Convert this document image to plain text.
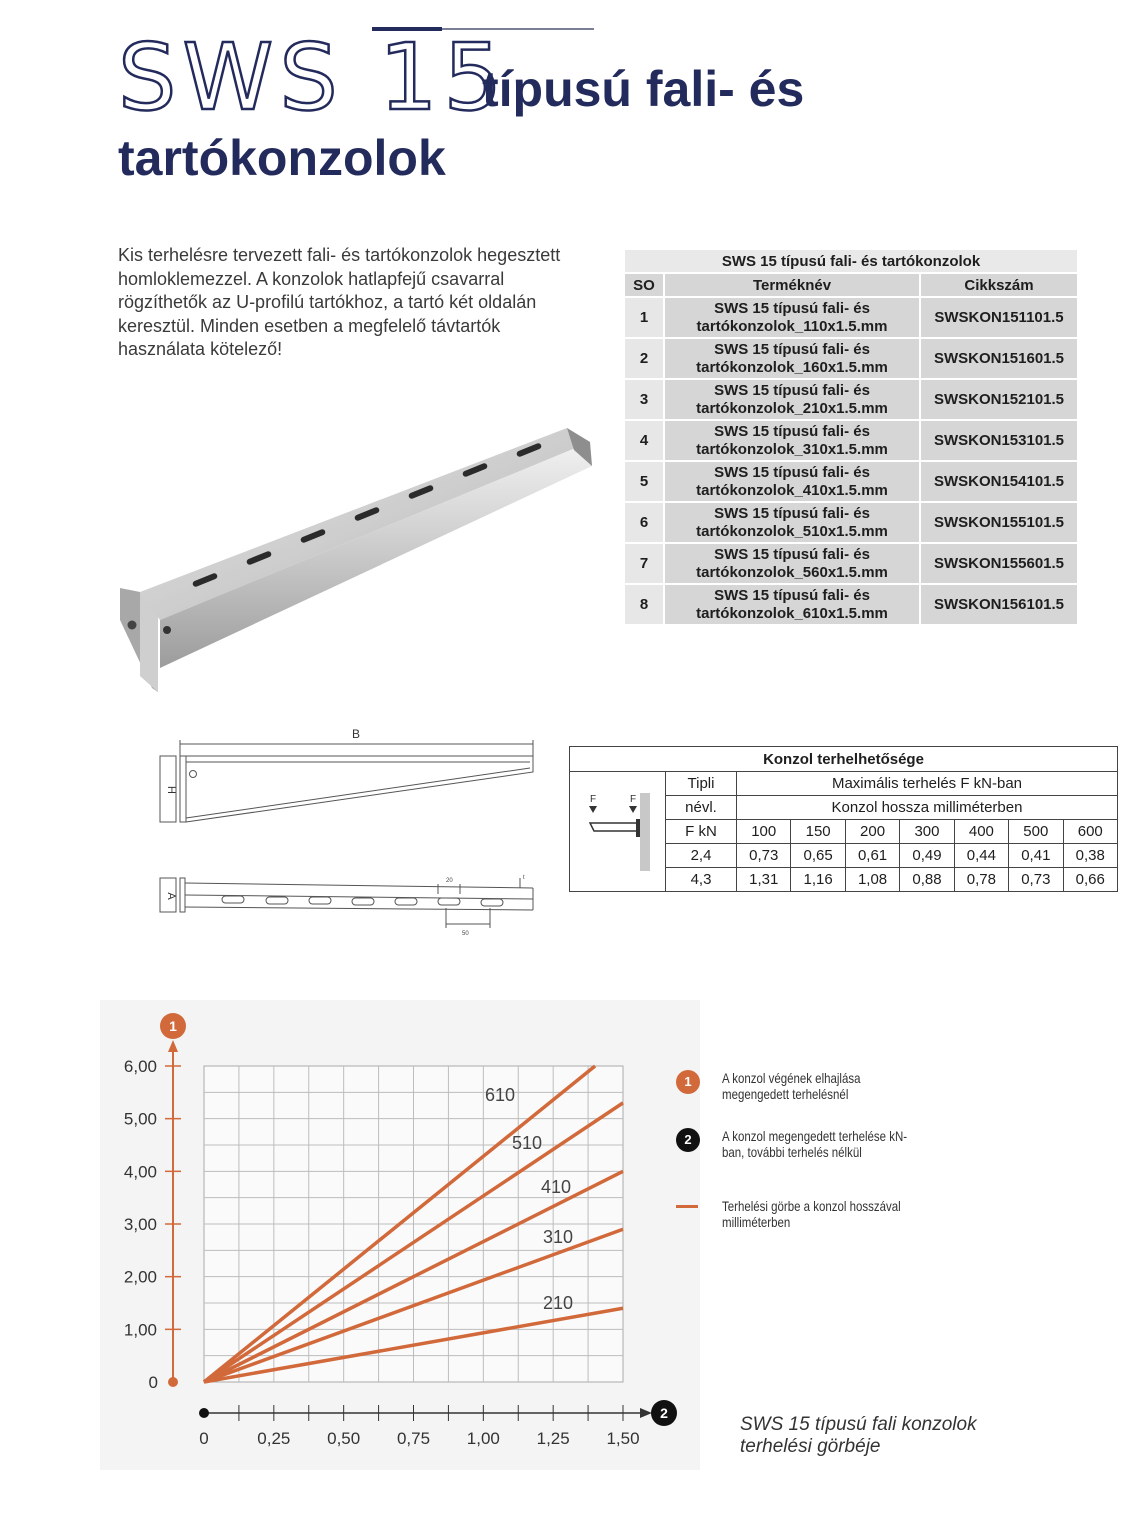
SWS 15
típusú fali- és
tartókonzolok
Kis terhelésre tervezett fali- és tartókonzolok hegesztett homloklemezzel. A konzolok hatlapfejű csavarral rögzíthetők az U-profilú tartókhoz, a tartó két oldalán keresztül. Minden esetben a megfelelő távtartók használata kötelező!
SWS 15 típusú fali- és tartókonzolok		
SO	Terméknév	Cikkszám
1	SWS 15 típusú fali- és tartókonzolok_110x1.5.mm	SWSKON151101.5
2	SWS 15 típusú fali- és tartókonzolok_160x1.5.mm	SWSKON151601.5
3	SWS 15 típusú fali- és tartókonzolok_210x1.5.mm	SWSKON152101.5
4	SWS 15 típusú fali- és tartókonzolok_310x1.5.mm	SWSKON153101.5
5	SWS 15 típusú fali- és tartókonzolok_410x1.5.mm	SWSKON154101.5
6	SWS 15 típusú fali- és tartókonzolok_510x1.5.mm	SWSKON155101.5
7	SWS 15 típusú fali- és tartókonzolok_560x1.5.mm	SWSKON155601.5
8	SWS 15 típusú fali- és tartókonzolok_610x1.5.mm	SWSKON156101.5
B
H
A
20
50
t
Konzol terhelhetősége								

F F	Tipli	Maximális terhelés F kN-ban						
	névl.	Konzol hossza milliméterben						
	F kN	100	150	200	300	400	500	600
	2,4	0,73	0,65	0,61	0,49	0,44	0,41	0,38
	4,3	1,31	1,16	1,08	0,88	0,78	0,73	0,66
6,00
5,00
4,00
3,00
2,00
1,00
0
0	0,25 0,50 0,75 1,00 1,25 1,50
610
510
410
310
210
1
2
1	A konzol végének elhajlása megengedett terhelésnél
2	A konzol megengedett terhelése kN-ban, további terhelés nélkül
Terhelési görbe a konzol hosszával milliméterben
SWS 15 típusú fali konzolok
terhelési görbéje
